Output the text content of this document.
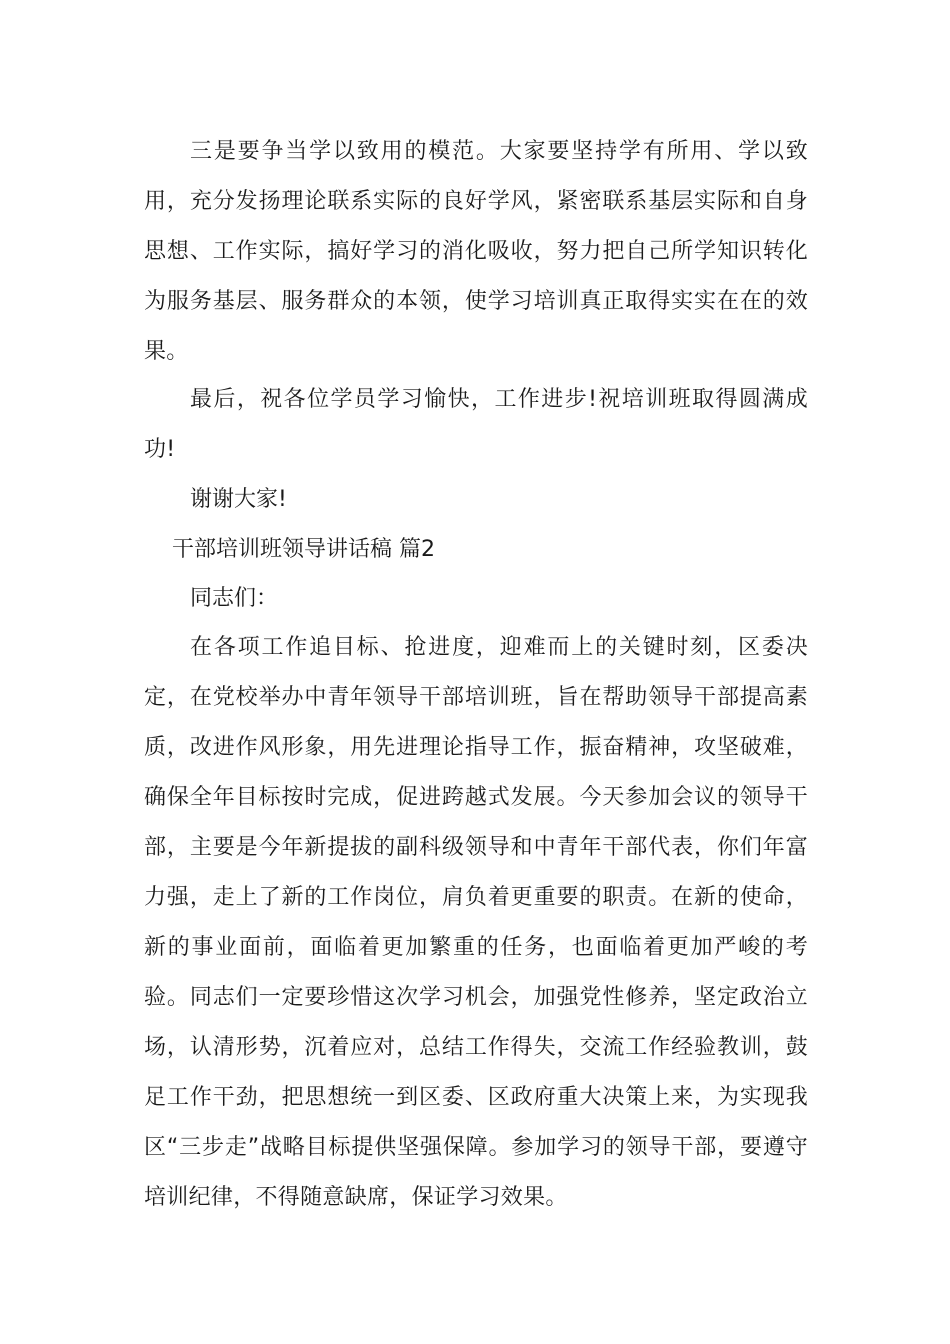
三是要争当学以致用的模范。大家要坚持学有所用、学以致用，充分发扬理论联系实际的良好学风，紧密联系基层实际和自身思想、工作实际，搞好学习的消化吸收，努力把自己所学知识转化为服务基层、服务群众的本领，使学习培训真正取得实实在在的效果。

最后，祝各位学员学习愉快，工作进步!祝培训班取得圆满成功!

谢谢大家!

干部培训班领导讲话稿 篇2

同志们：

在各项工作追目标、抢进度，迎难而上的关键时刻，区委决定，在党校举办中青年领导干部培训班，旨在帮助领导干部提高素质，改进作风形象，用先进理论指导工作，振奋精神，攻坚破难，确保全年目标按时完成，促进跨越式发展。今天参加会议的领导干部，主要是今年新提拔的副科级领导和中青年干部代表，你们年富力强，走上了新的工作岗位，肩负着更重要的职责。在新的使命，新的事业面前，面临着更加繁重的任务，也面临着更加严峻的考验。同志们一定要珍惜这次学习机会，加强党性修养，坚定政治立场，认清形势，沉着应对，总结工作得失，交流工作经验教训，鼓足工作干劲，把思想统一到区委、区政府重大决策上来，为实现我区“三步走”战略目标提供坚强保障。参加学习的领导干部，要遵守培训纪律，不得随意缺席，保证学习效果。
